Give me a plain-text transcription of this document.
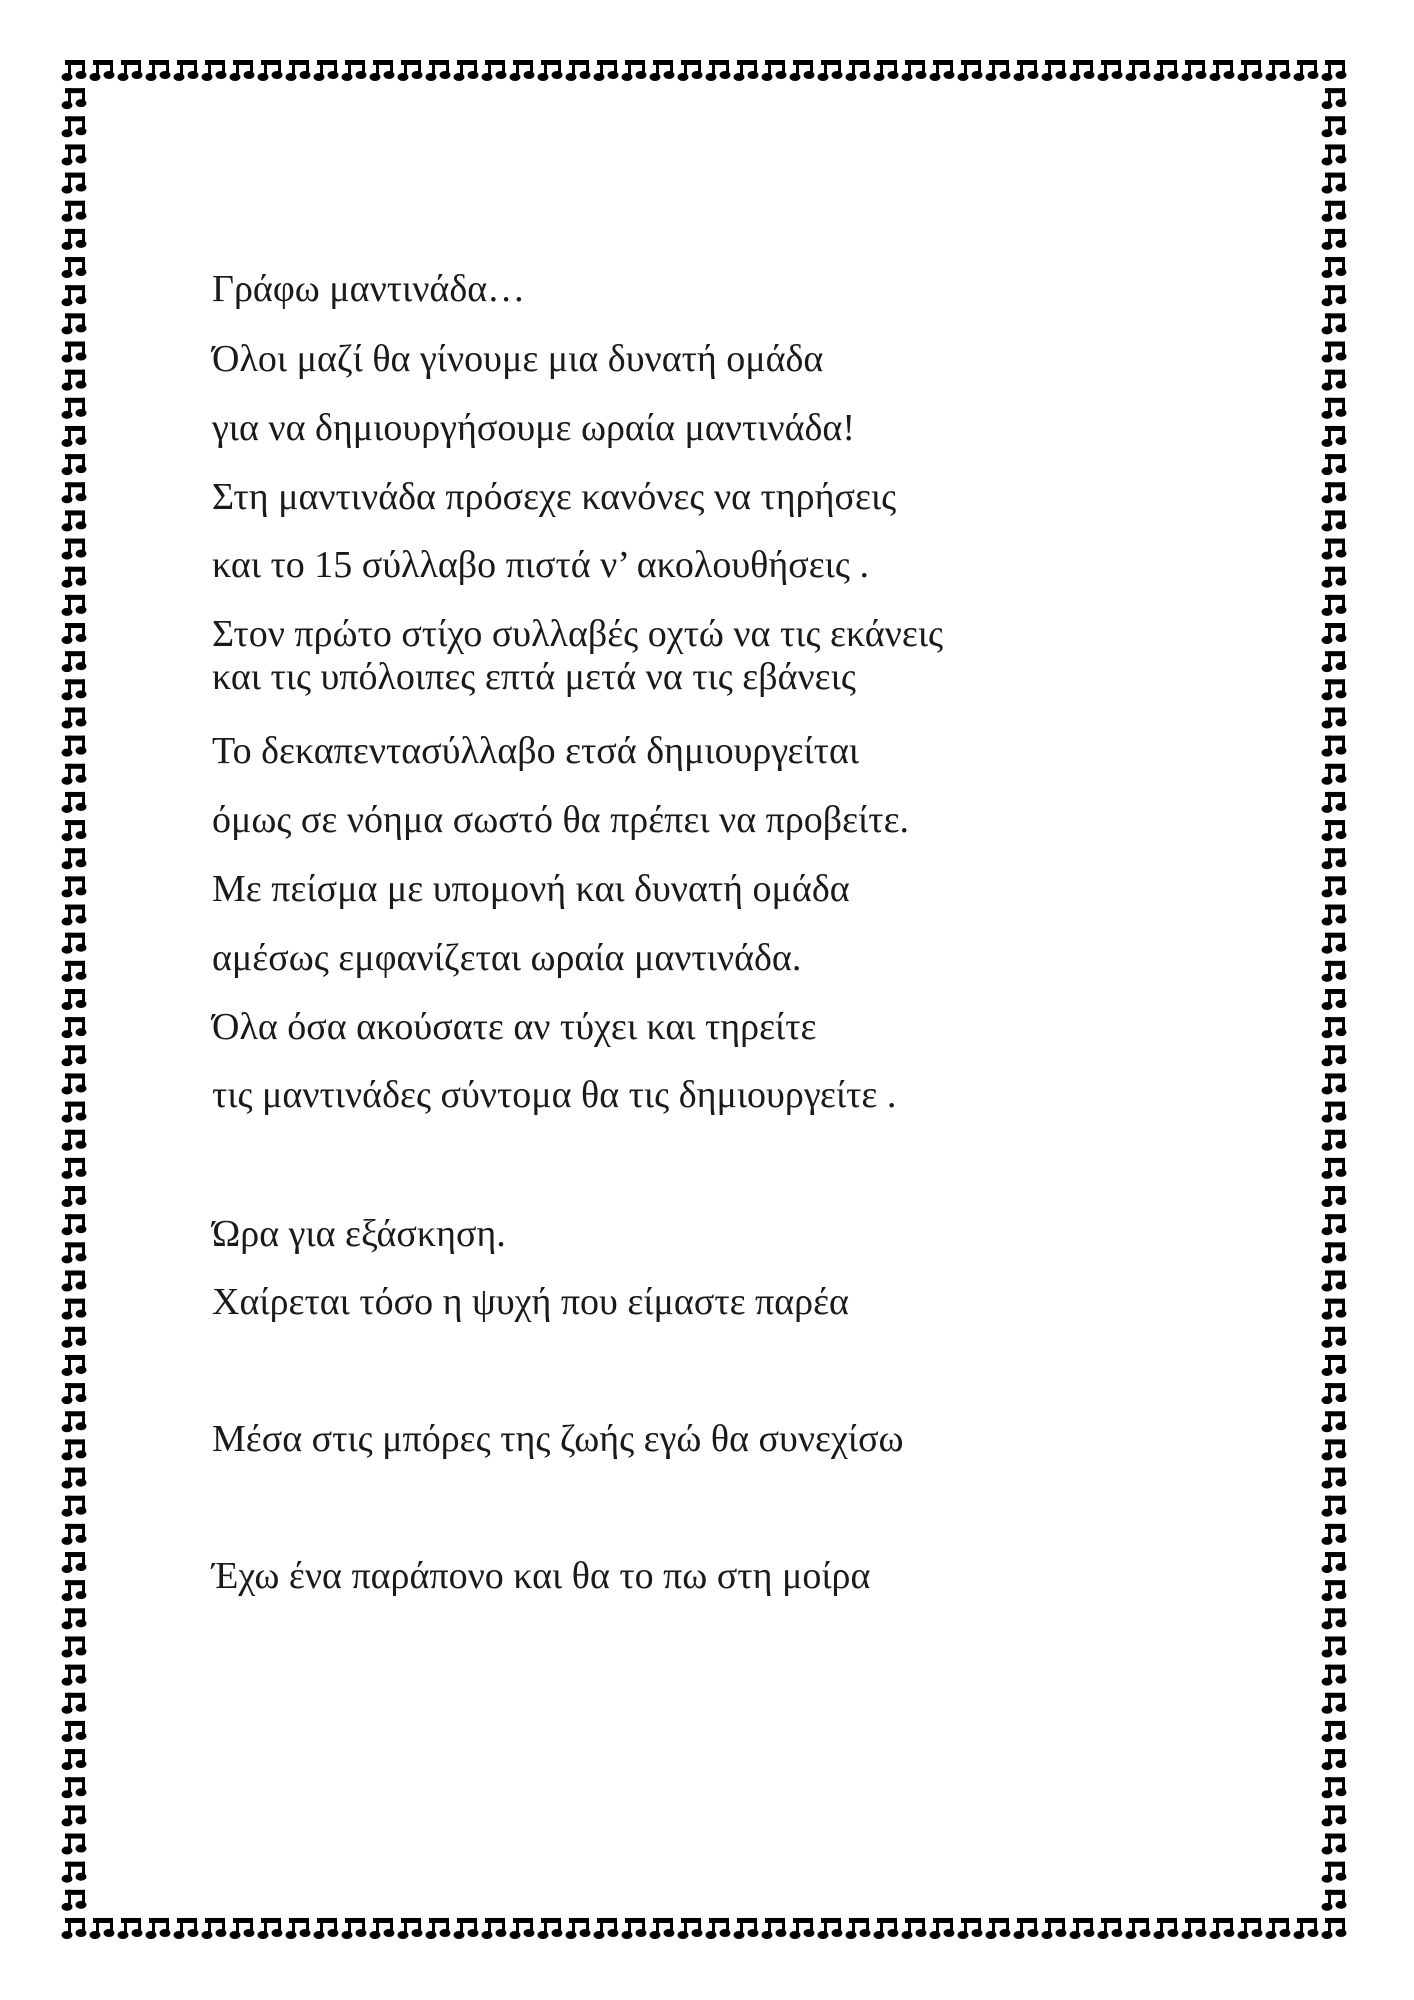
Γράφω μαντινάδα…
Όλοι μαζί θα γίνουμε μια δυνατή ομάδα
για να δημιουργήσουμε ωραία μαντινάδα!
Στη μαντινάδα πρόσεχε κανόνες να τηρήσεις
και το 15 σύλλαβο πιστά ν’ ακολουθήσεις .
Στον πρώτο στίχο συλλαβές οχτώ να τις εκάνεις
και τις υπόλοιπες επτά μετά να τις εβάνεις
Το δεκαπεντασύλλαβο ετσά δημιουργείται
όμως σε νόημα σωστό θα πρέπει να προβείτε.
Με πείσμα με υπομονή και δυνατή ομάδα
αμέσως εμφανίζεται ωραία μαντινάδα.
Όλα όσα ακούσατε αν τύχει και τηρείτε
τις μαντινάδες σύντομα θα τις δημιουργείτε .
Ώρα για εξάσκηση.
Χαίρεται τόσο η ψυχή που είμαστε παρέα
Μέσα στις μπόρες της ζωής εγώ θα συνεχίσω
Έχω ένα παράπονο και θα το πω στη μοίρα
